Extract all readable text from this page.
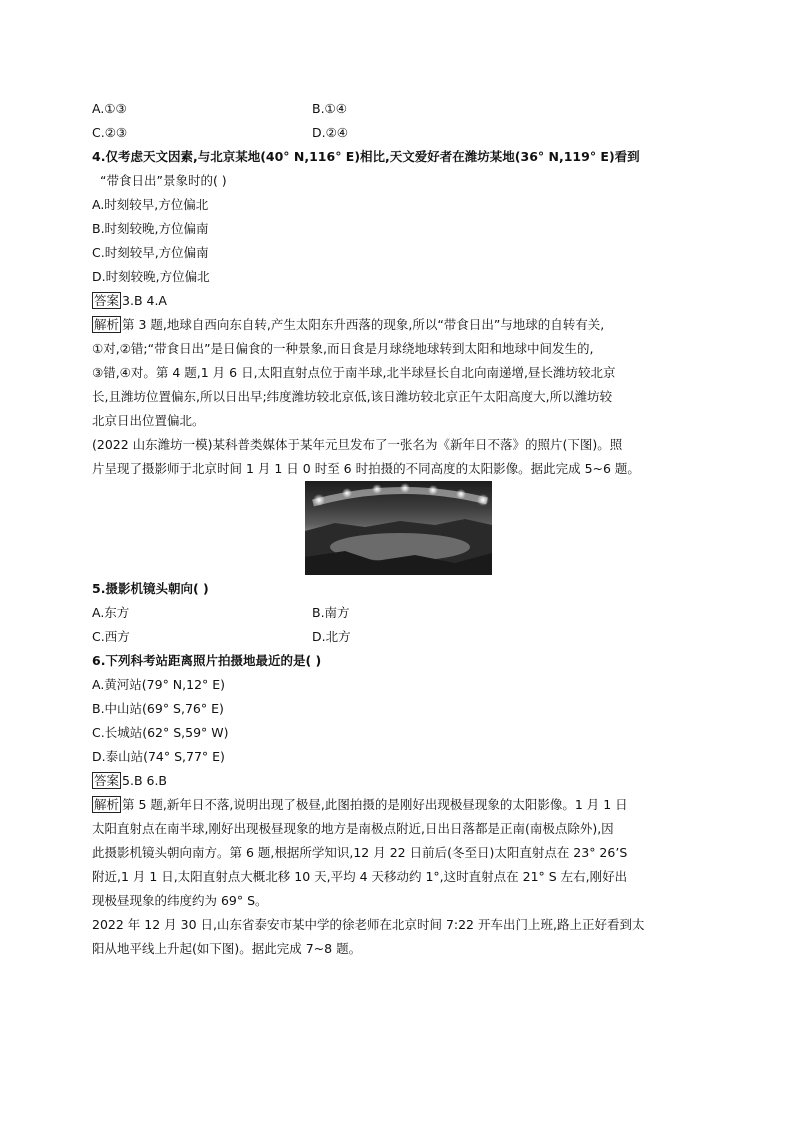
A.①③	B.①④
C.②③	D.②④
4.仅考虑天文因素,与北京某地(40° N,116° E)相比,天文爱好者在潍坊某地(36° N,119° E)看到
“带食日出”景象时的( )
A.时刻较早,方位偏北
B.时刻较晚,方位偏南
C.时刻较早,方位偏南
D.时刻较晚,方位偏北
答案 3.B 4.A
解析 第 3 题,地球自西向东自转,产生太阳东升西落的现象,所以“带食日出”与地球的自转有关,
①对,②错;“带食日出”是日偏食的一种景象,而日食是月球绕地球转到太阳和地球中间发生的,
③错,④对。第 4 题,1 月 6 日,太阳直射点位于南半球,北半球昼长自北向南递增,昼长潍坊较北京
长,且潍坊位置偏东,所以日出早;纬度潍坊较北京低,该日潍坊较北京正午太阳高度大,所以潍坊较
北京日出位置偏北。
(2022 山东潍坊一模)某科普类媒体于某年元旦发布了一张名为《新年日不落》的照片(下图)。照
片呈现了摄影师于北京时间 1 月 1 日 0 时至 6 时拍摄的不同高度的太阳影像。据此完成 5~6 题。
5.摄影机镜头朝向( )
A.东方	B.南方
C.西方	D.北方
6.下列科考站距离照片拍摄地最近的是( )
A.黄河站(79° N,12° E)
B.中山站(69° S,76° E)
C.长城站(62° S,59° W)
D.泰山站(74° S,77° E)
答案 5.B 6.B
解析 第 5 题,新年日不落,说明出现了极昼,此图拍摄的是刚好出现极昼现象的太阳影像。1 月 1 日
太阳直射点在南半球,刚好出现极昼现象的地方是南极点附近,日出日落都是正南(南极点除外),因
此摄影机镜头朝向南方。第 6 题,根据所学知识,12 月 22 日前后(冬至日)太阳直射点在 23° 26’S
附近,1 月 1 日,太阳直射点大概北移 10 天,平均 4 天移动约 1°,这时直射点在 21° S 左右,刚好出
现极昼现象的纬度约为 69° S。
2022 年 12 月 30 日,山东省泰安市某中学的徐老师在北京时间 7:22 开车出门上班,路上正好看到太
阳从地平线上升起(如下图)。据此完成 7~8 题。
